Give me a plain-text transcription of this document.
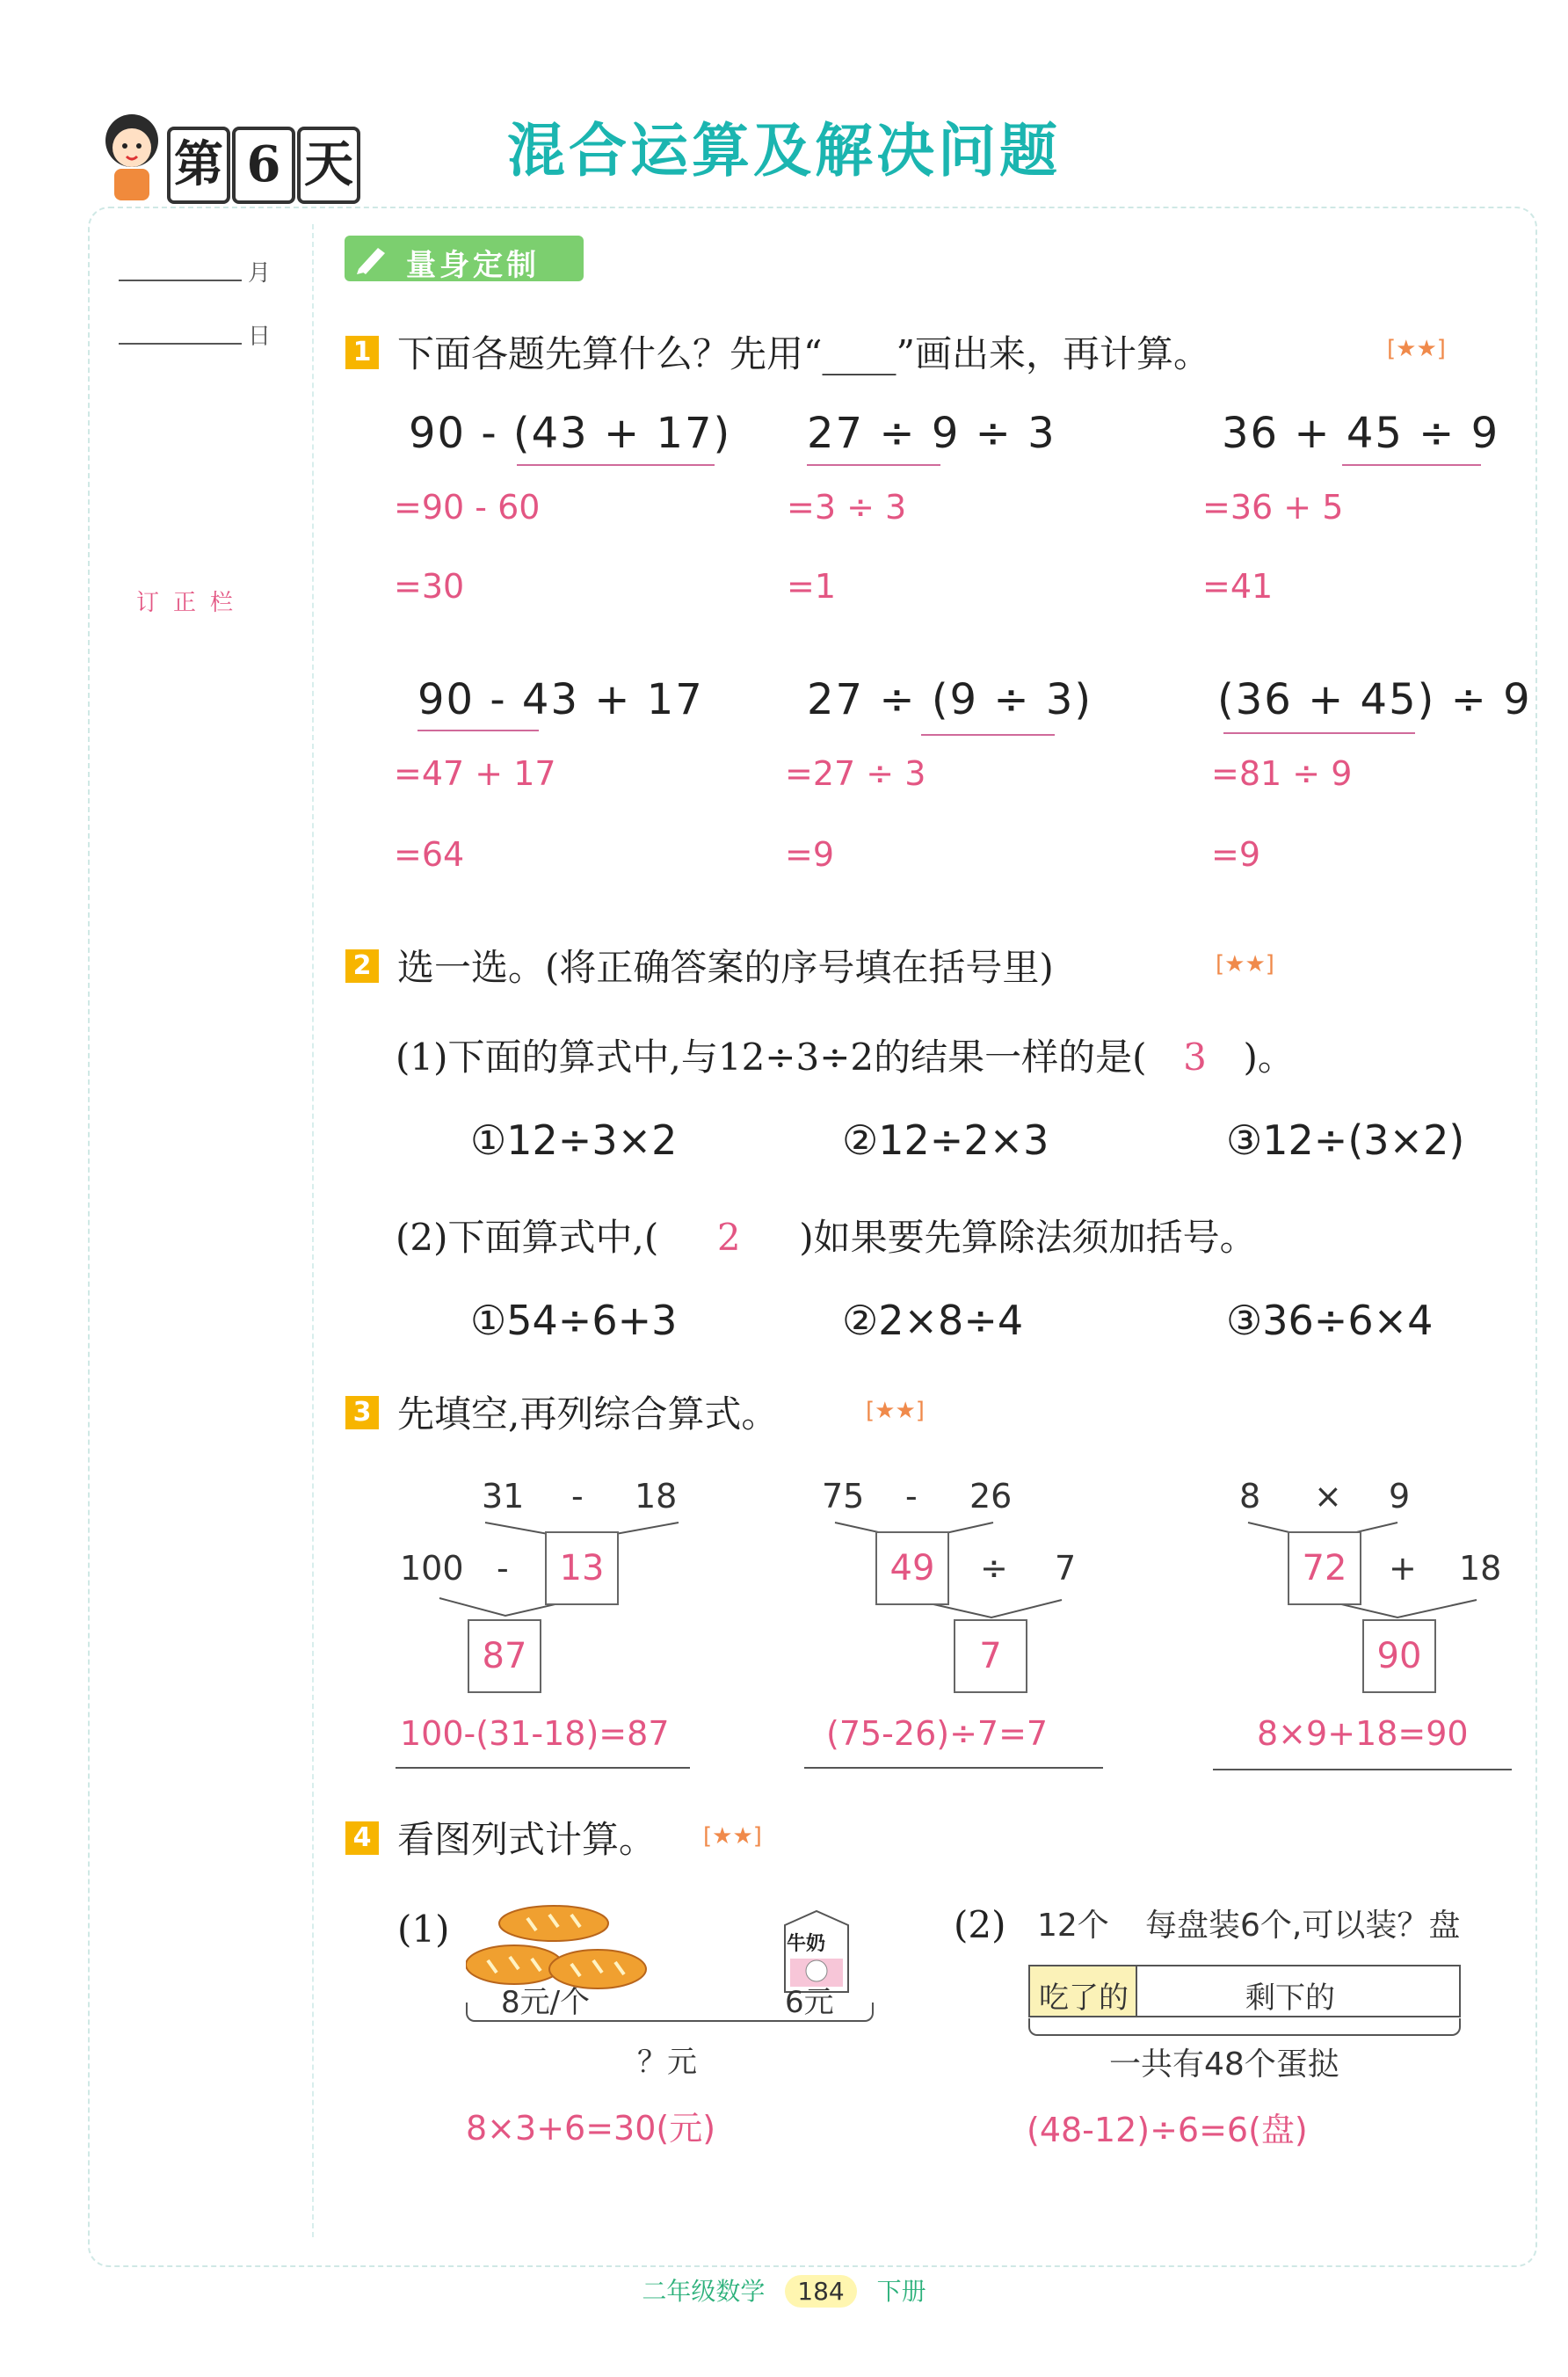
第 6 天	混合运算及解决问题
月
日
订正栏
量身定制
1 下面各题先算什么？先用“____”画出来，再计算。	[★★]
90 - (43 + 17)
=90 - 60
=30
27 ÷ 9 ÷ 3
=3 ÷ 3
=1
36 + 45 ÷ 9
=36 + 5
=41
90 - 43 + 17
=47 + 17
=64
27 ÷ (9 ÷ 3)
=27 ÷ 3
=9
(36 + 45) ÷ 9
=81 ÷ 9
=9
2 选一选。(将正确答案的序号填在括号里)	[★★]
(1)下面的算式中,与12÷3÷2的结果一样的是( 3 )。
①12÷3×2	②12÷2×3	③12÷(3×2)
(2)下面算式中,( 2 )如果要先算除法须加括号。
①54÷6+3	②2×8÷4	③36÷6×4
3 先填空,再列综合算式。	[★★]
31 - 18
100 -	13
87
100-(31-18)=87
75 - 26
49	÷ 7
7
(75-26)÷7=7
8 × 9
72	+ 18
90
8×9+18=90
4 看图列式计算。 [★★]
(1)	牛奶
8元/个	6元
？元
8×3+6=30(元)
(2) 12个 每盘装6个,可以装？盘
吃了的	剩下的
一共有48个蛋挞
(48-12)÷6=6(盘)
二年级数学 184 下册
